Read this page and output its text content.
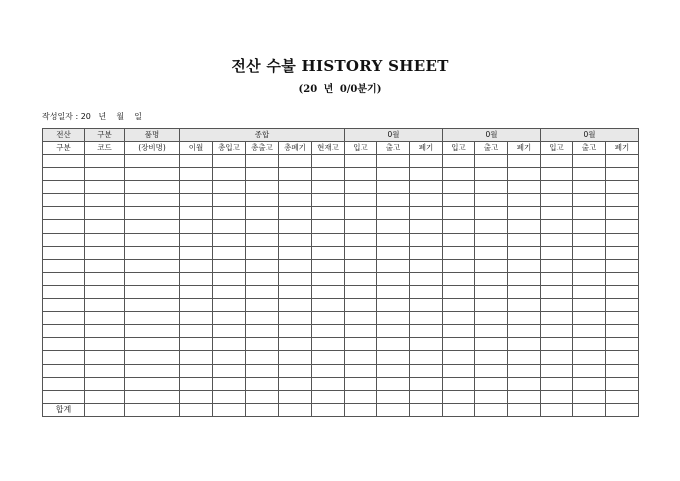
전산 수불 HISTORY SHEET
(20 년 0/0분기)
작성일자 : 20   년    월    일
전산	구분	품명	종합					0월			0월			0월		
구분	코드	(장비명)	이월	총입고	총출고	총폐기	현재고	입고	출고	폐기	입고	출고	폐기	입고	출고	폐기

합계																
